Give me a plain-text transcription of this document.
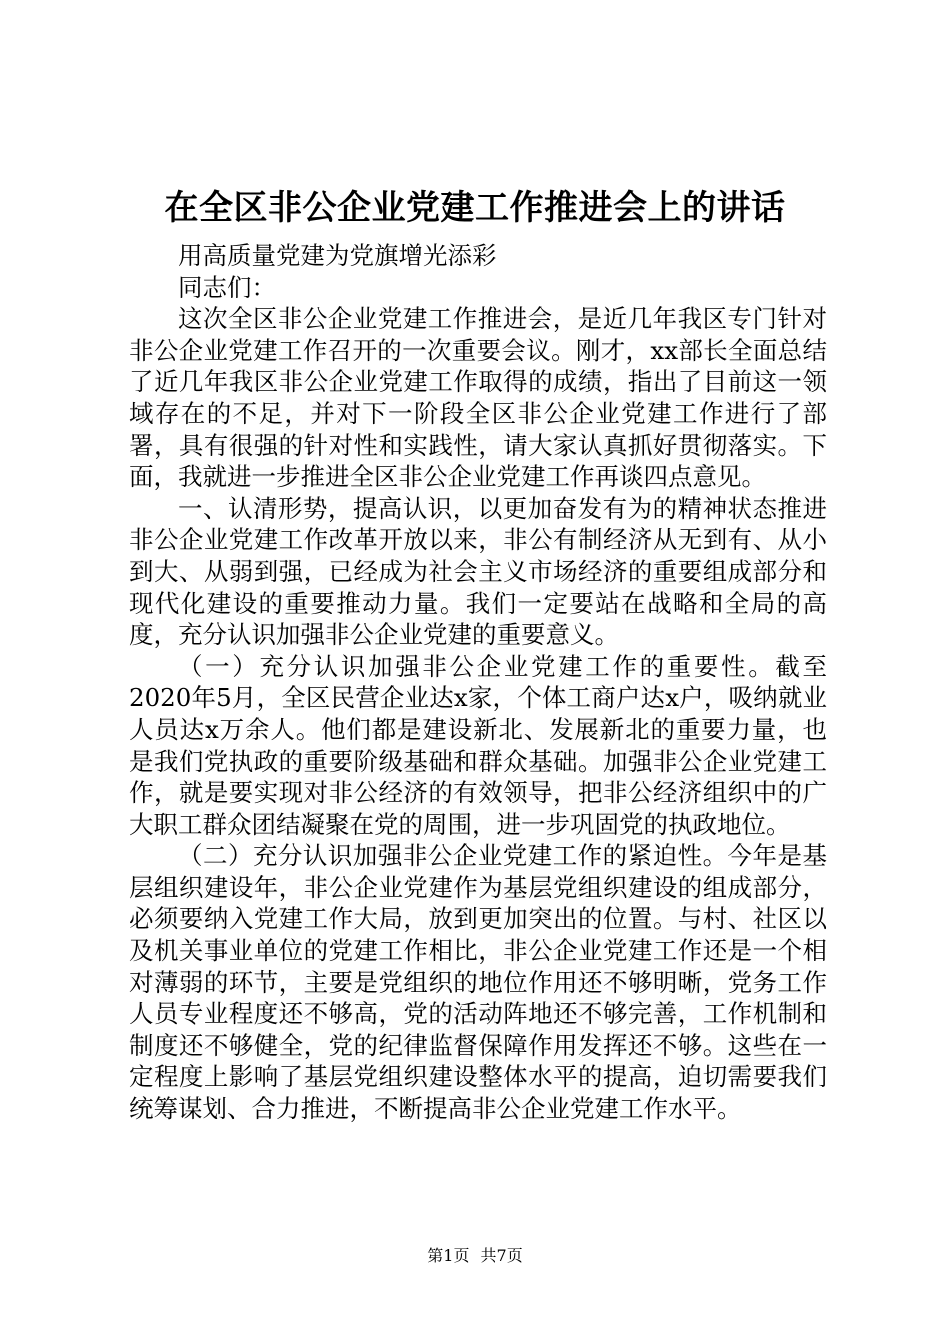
在全区非公企业党建工作推进会上的讲话

用高质量党建为党旗增光添彩

同志们：

这次全区非公企业党建工作推进会，是近几年我区专门针对非公企业党建工作召开的一次重要会议。刚才，xx部长全面总结了近几年我区非公企业党建工作取得的成绩，指出了目前这一领域存在的不足，并对下一阶段全区非公企业党建工作进行了部署，具有很强的针对性和实践性，请大家认真抓好贯彻落实。下面，我就进一步推进全区非公企业党建工作再谈四点意见。

一、认清形势，提高认识，以更加奋发有为的精神状态推进非公企业党建工作改革开放以来，非公有制经济从无到有、从小到大、从弱到强，已经成为社会主义市场经济的重要组成部分和现代化建设的重要推动力量。我们一定要站在战略和全局的高度，充分认识加强非公企业党建的重要意义。

（一）充分认识加强非公企业党建工作的重要性。截至2020年5月，全区民营企业达x家，个体工商户达x户，吸纳就业人员达x万余人。他们都是建设新北、发展新北的重要力量，也是我们党执政的重要阶级基础和群众基础。加强非公企业党建工作，就是要实现对非公经济的有效领导，把非公经济组织中的广大职工群众团结凝聚在党的周围，进一步巩固党的执政地位。

（二）充分认识加强非公企业党建工作的紧迫性。今年是基层组织建设年，非公企业党建作为基层党组织建设的组成部分，必须要纳入党建工作大局，放到更加突出的位置。与村、社区以及机关事业单位的党建工作相比，非公企业党建工作还是一个相对薄弱的环节，主要是党组织的地位作用还不够明晰，党务工作人员专业程度还不够高，党的活动阵地还不够完善，工作机制和制度还不够健全，党的纪律监督保障作用发挥还不够。这些在一定程度上影响了基层党组织建设整体水平的提高，迫切需要我们统筹谋划、合力推进，不断提高非公企业党建工作水平。

第1页 共7页
